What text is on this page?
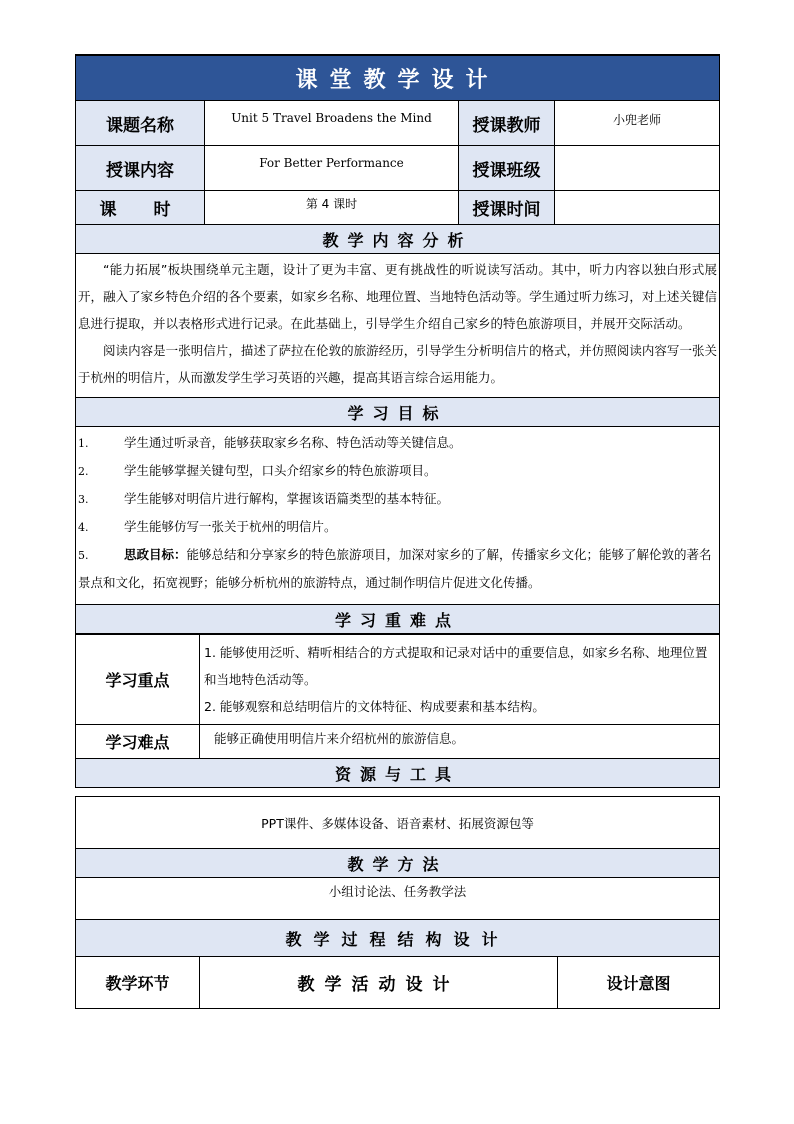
课堂教学设计			
课题名称	Unit 5 Travel Broadens the Mind	授课教师	小兜老师
授课内容	For Better Performance	授课班级	
课　时	第 4 课时	授课时间	
教学内容分析			

“能力拓展”板块围绕单元主题，设计了更为丰富、更有挑战性的听说读写活动。其中，听力内容以独白形式展开，融入了家乡特色介绍的各个要素，如家乡名称、地理位置、当地特色活动等。学生通过听力练习，对上述关键信息进行提取，并以表格形式进行记录。在此基础上，引导学生介绍自己家乡的特色旅游项目，并展开交际活动。

阅读内容是一张明信片，描述了萨拉在伦敦的旅游经历，引导学生分析明信片的格式，并仿照阅读内容写一张关于杭州的明信片，从而激发学生学习英语的兴趣，提高其语言综合运用能力。			

学习目标			

1. 学生通过听录音，能够获取家乡名称、特色活动等关键信息。

2. 学生能够掌握关键句型，口头介绍家乡的特色旅游项目。

3. 学生能够对明信片进行解构，掌握该语篇类型的基本特征。

4. 学生能够仿写一张关于杭州的明信片。

5. 思政目标：能够总结和分享家乡的特色旅游项目，加深对家乡的了解，传播家乡文化；能够了解伦敦的著名景点和文化，拓宽视野；能够分析杭州的旅游特点，通过制作明信片促进文化传播。			

学习重难点			
学习重点	1. 能够使用泛听、精听相结合的方式提取和记录对话中的重要信息，如家乡名称、地理位置和当地特色活动等。
2. 能够观察和总结明信片的文体特征、构成要素和基本结构。

学习难点	能够正确使用明信片来介绍杭州的旅游信息。

资源与工具	
PPT课件、多媒体设备、语音素材、拓展资源包等
教学方法
小组讨论法、任务教学法
教学过程结构设计
教学环节	教学活动设计	设计意图
